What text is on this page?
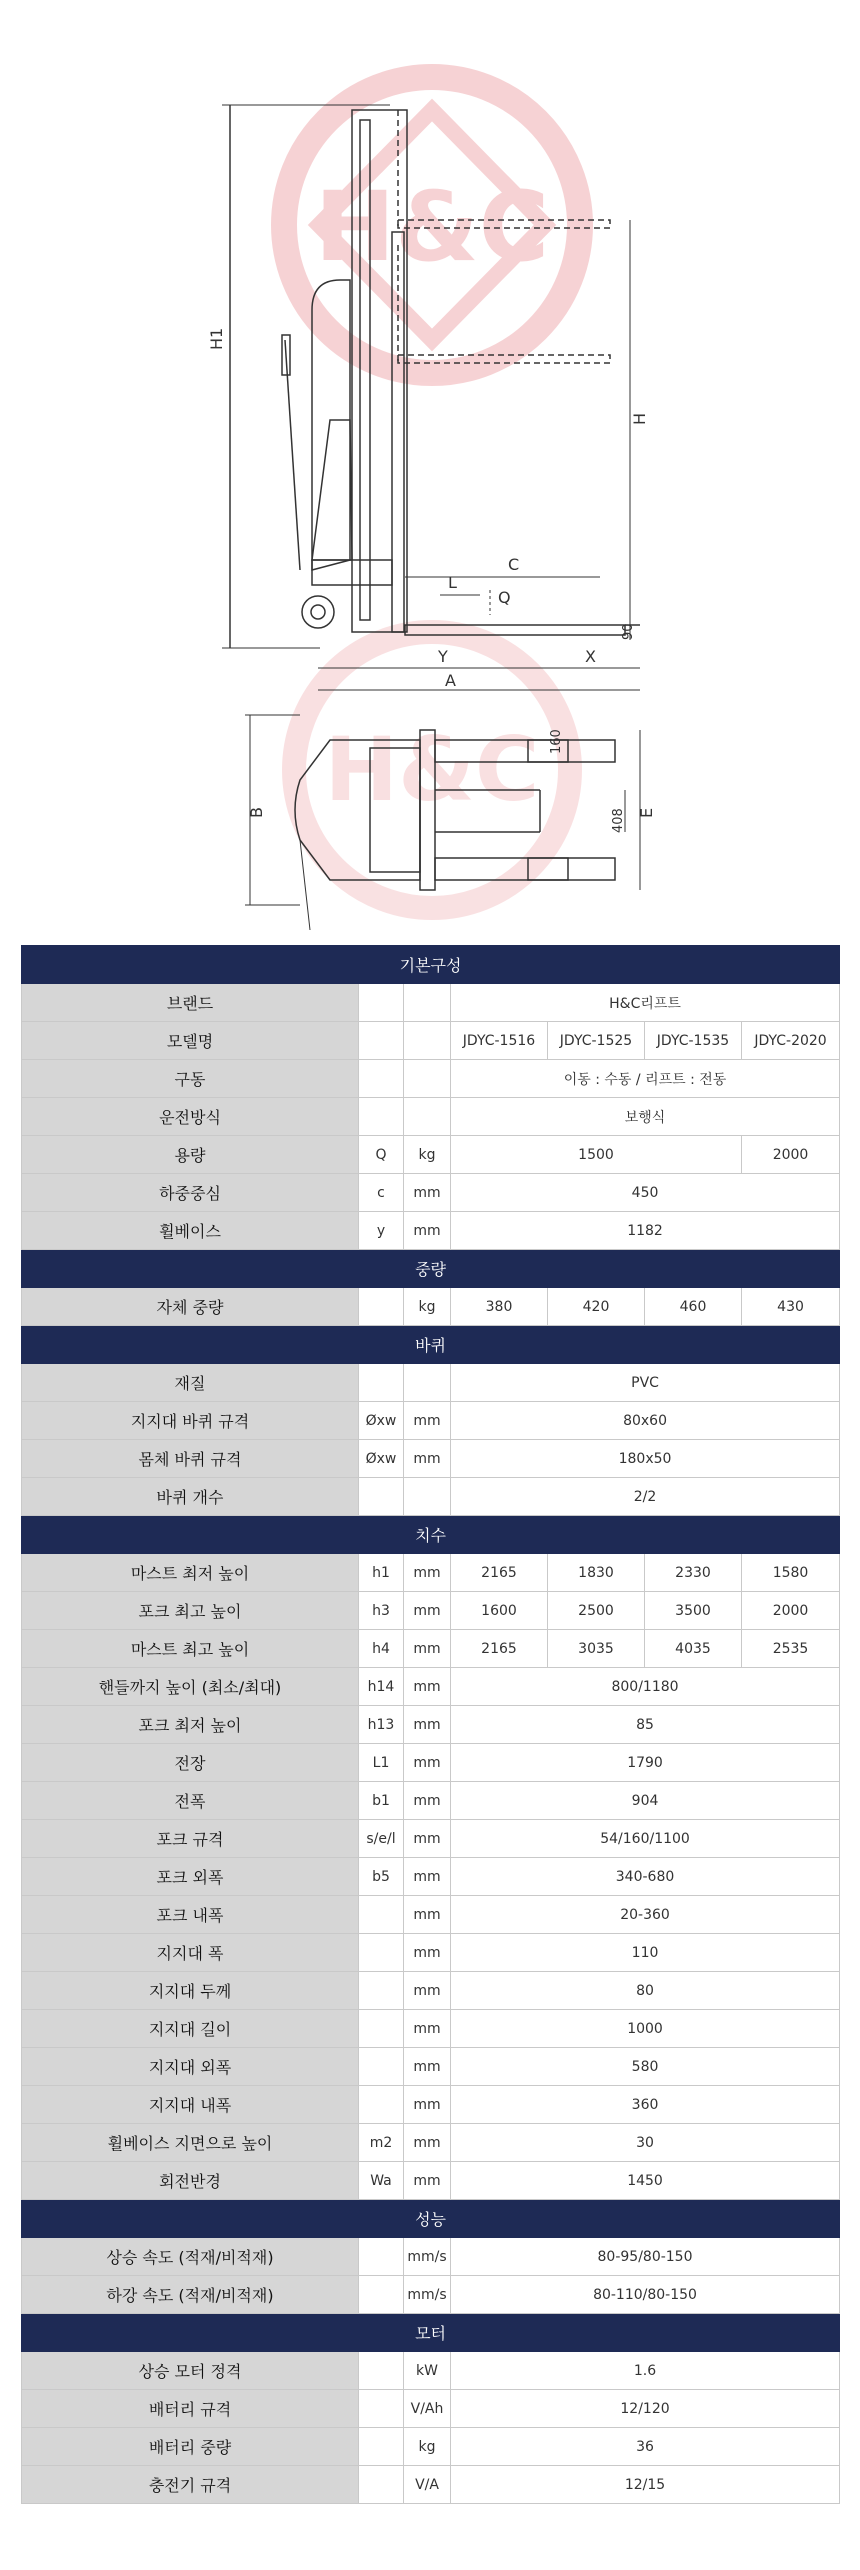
H&C
H&C
H1
H
C
L
Q
90
Y	X
A
B	E
160
408
기본구성						
브랜드			H&C리프트			
모델명			JDYC-1516	JDYC-1525	JDYC-1535	JDYC-2020
구동			이동 : 수동 / 리프트 : 전동			
운전방식			보행식			
용량	Q	kg	1500			2000
하중중심	c	mm	450			
휠베이스	y	mm	1182			
중량						
자체 중량		kg	380	420	460	430
바퀴						
재질			PVC			
지지대 바퀴 규격	Øxw	mm	80x60			
몸체 바퀴 규격	Øxw	mm	180x50			
바퀴 개수			2/2			
치수						
마스트 최저 높이	h1	mm	2165	1830	2330	1580
포크 최고 높이	h3	mm	1600	2500	3500	2000
마스트 최고 높이	h4	mm	2165	3035	4035	2535
핸들까지 높이 (최소/최대)	h14	mm	800/1180			
포크 최저 높이	h13	mm	85			
전장	L1	mm	1790			
전폭	b1	mm	904			
포크 규격	s/e/l	mm	54/160/1100			
포크 외폭	b5	mm	340-680			
포크 내폭		mm	20-360			
지지대 폭		mm	110			
지지대 두께		mm	80			
지지대 길이		mm	1000			
지지대 외폭		mm	580			
지지대 내폭		mm	360			
휠베이스 지면으로 높이	m2	mm	30			
회전반경	Wa	mm	1450			
성능						
상승 속도 (적재/비적재)		mm/s	80-95/80-150			
하강 속도 (적재/비적재)		mm/s	80-110/80-150			
모터						
상승 모터 정격		kW	1.6			
배터리 규격		V/Ah	12/120			
배터리 중량		kg	36			
충전기 규격		V/A	12/15			
